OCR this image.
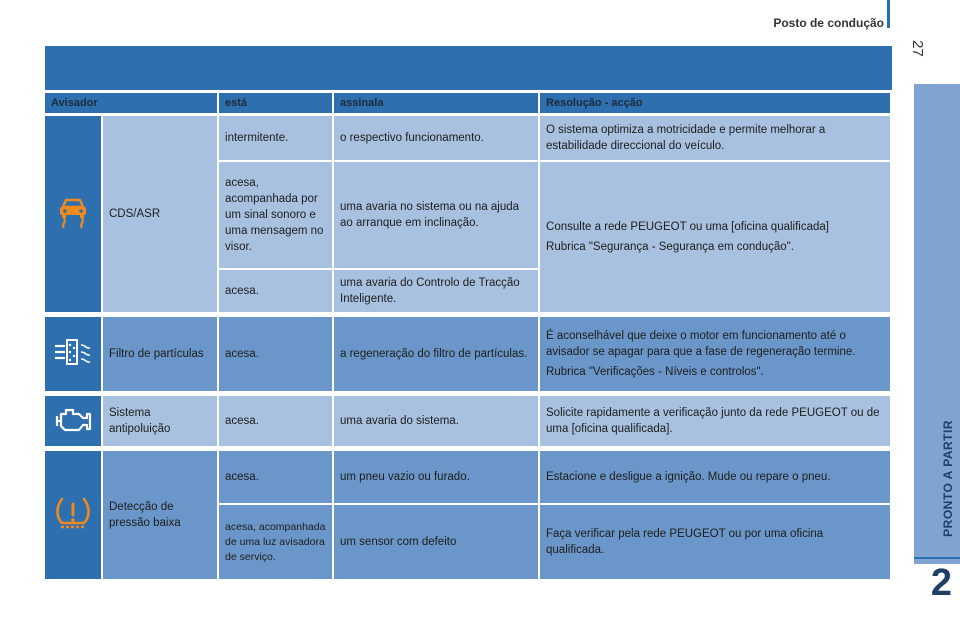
Posto de condução
27
PRONTO A PARTIR
2
Avisador		está	assinala	Resolução - acção

	CDS/ASR	intermitente.	o respectivo funcionamento.	O sistema optimiza a motricidade e permite melhorar a estabilidade direccional do veículo.

		acesa, acompanhada por um sinal sonoro e uma mensagem no visor.	uma avaria no sistema ou na ajuda ao arranque em inclinação.	Consulte a rede PEUGEOT ou uma [oficina qualificada]

Rubrica "Segurança - Segurança em condução".

		acesa.	uma avaria do Controlo de Tracção Inteligente.	

	Filtro de partículas	acesa.	a regeneração do filtro de partículas.	É aconselhável que deixe o motor em funcionamento até o avisador se apagar para que a fase de regeneração termine.

Rubrica "Verificações - Níveis e controlos".

	Sistema antipoluição	acesa.	uma avaria do sistema.	Solicite rapidamente a verificação junto da rede PEUGEOT ou de uma [oficina qualificada].

	Detecção de pressão baixa	acesa.	um pneu vazio ou furado.	Estacione e desligue a ignição. Mude ou repare o pneu.

		acesa, acompanhada de uma luz avisadora de serviço.	um sensor com defeito	Faça verificar pela rede PEUGEOT ou por uma oficina qualificada.
